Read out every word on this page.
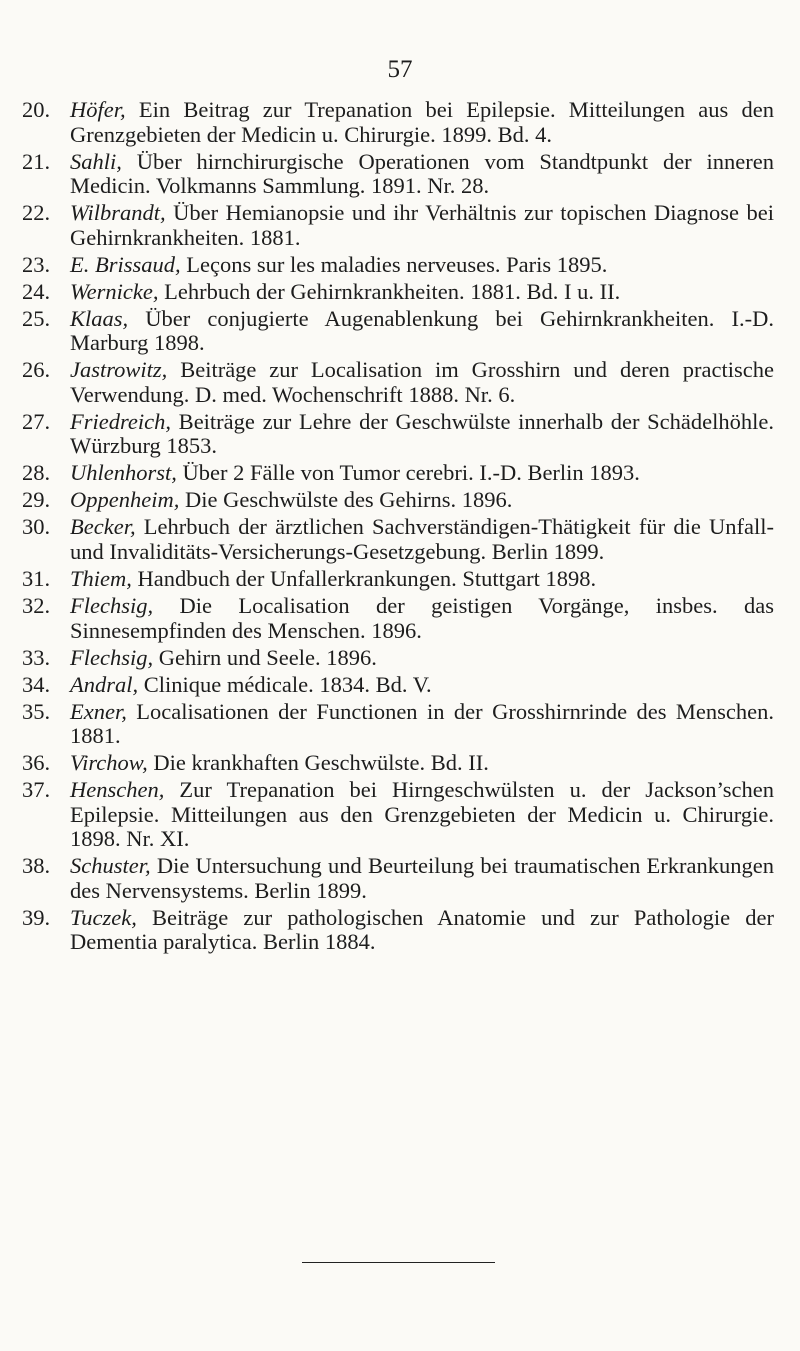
57
20. Höfer, Ein Beitrag zur Trepanation bei Epilepsie. Mitteilungen aus den Grenzgebieten der Medicin u. Chirurgie. 1899. Bd. 4.
21. Sahli, Über hirnchirurgische Operationen vom Standtpunkt der inneren Medicin. Volkmanns Sammlung. 1891. Nr. 28.
22. Wilbrandt, Über Hemianopsie und ihr Verhältnis zur topischen Diagnose bei Gehirnkrankheiten. 1881.
23. E. Brissaud, Leçons sur les maladies nerveuses. Paris 1895.
24. Wernicke, Lehrbuch der Gehirnkrankheiten. 1881. Bd. I u. II.
25. Klaas, Über conjugierte Augenablenkung bei Gehirnkrankheiten. I.-D. Marburg 1898.
26. Jastrowitz, Beiträge zur Localisation im Grosshirn und deren practische Verwendung. D. med. Wochenschrift 1888. Nr. 6.
27. Friedreich, Beiträge zur Lehre der Geschwülste innerhalb der Schädelhöhle. Würzburg 1853.
28. Uhlenhorst, Über 2 Fälle von Tumor cerebri. I.-D. Berlin 1893.
29. Oppenheim, Die Geschwülste des Gehirns. 1896.
30. Becker, Lehrbuch der ärztlichen Sachverständigen-Thätigkeit für die Unfall- und Invaliditäts-Versicherungs-Gesetzgebung. Berlin 1899.
31. Thiem, Handbuch der Unfallerkrankungen. Stuttgart 1898.
32. Flechsig, Die Localisation der geistigen Vorgänge, insbes. das Sinnesempfinden des Menschen. 1896.
33. Flechsig, Gehirn und Seele. 1896.
34. Andral, Clinique médicale. 1834. Bd. V.
35. Exner, Localisationen der Functionen in der Grosshirnrinde des Menschen. 1881.
36. Virchow, Die krankhaften Geschwülste. Bd. II.
37. Henschen, Zur Trepanation bei Hirngeschwülsten u. der Jackson’schen Epilepsie. Mitteilungen aus den Grenzgebieten der Medicin u. Chirurgie. 1898. Nr. XI.
38. Schuster, Die Untersuchung und Beurteilung bei traumatischen Erkrankungen des Nervensystems. Berlin 1899.
39. Tuczek, Beiträge zur pathologischen Anatomie und zur Pathologie der Dementia paralytica. Berlin 1884.
